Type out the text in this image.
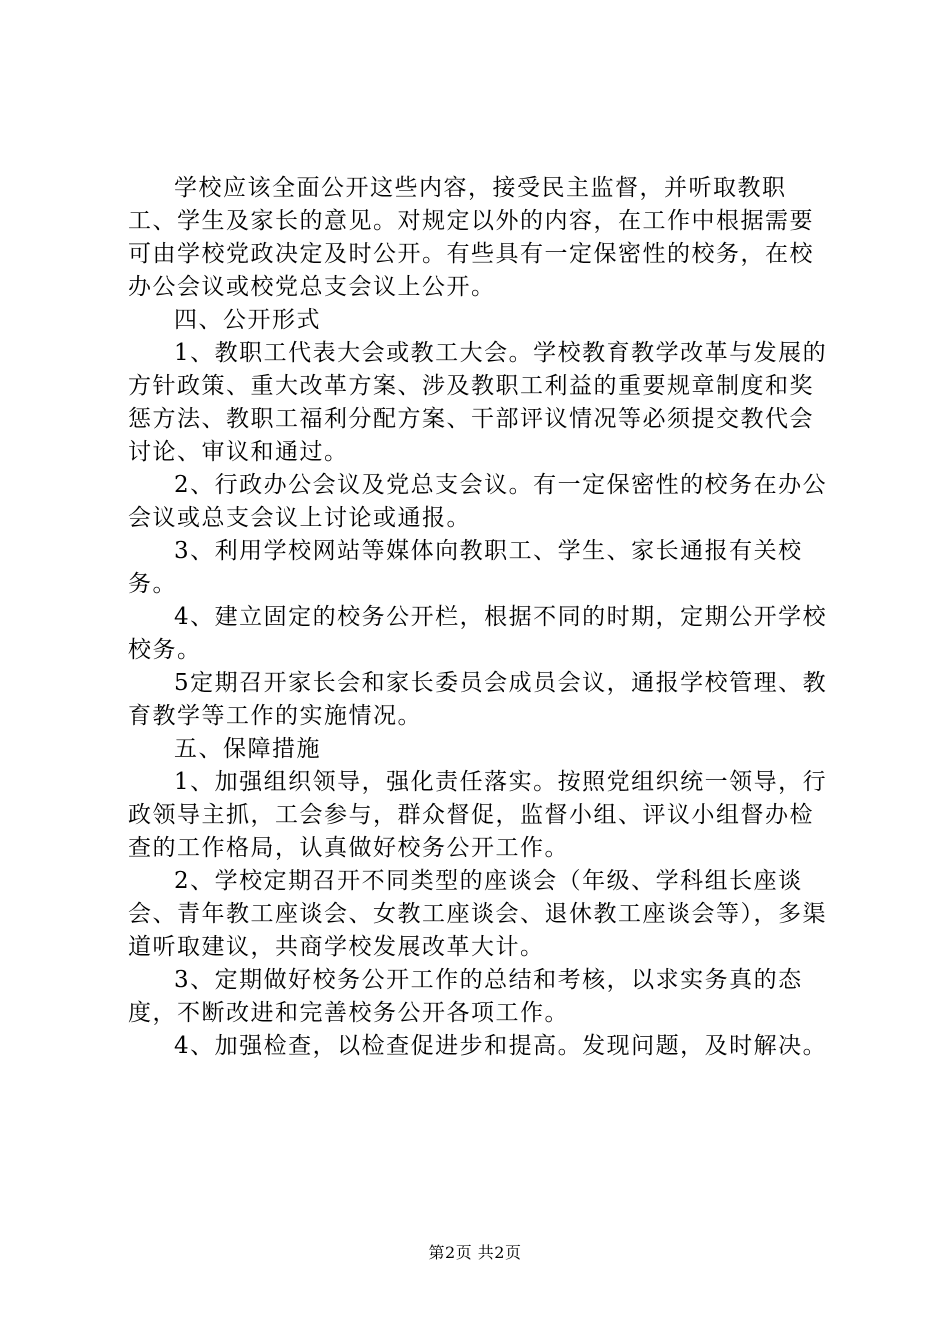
学校应该全面公开这些内容，接受民主监督，并听取教职工、学生及家长的意见。对规定以外的内容，在工作中根据需要可由学校党政决定及时公开。有些具有一定保密性的校务，在校办公会议或校党总支会议上公开。

四、公开形式

1、教职工代表大会或教工大会。学校教育教学改革与发展的方针政策、重大改革方案、涉及教职工利益的重要规章制度和奖惩方法、教职工福利分配方案、干部评议情况等必须提交教代会讨论、审议和通过。

2、行政办公会议及党总支会议。有一定保密性的校务在办公会议或总支会议上讨论或通报。

3、利用学校网站等媒体向教职工、学生、家长通报有关校务。

4、建立固定的校务公开栏，根据不同的时期，定期公开学校校务。

5定期召开家长会和家长委员会成员会议，通报学校管理、教育教学等工作的实施情况。

五、保障措施

1、加强组织领导，强化责任落实。按照党组织统一领导，行政领导主抓，工会参与，群众督促，监督小组、评议小组督办检查的工作格局，认真做好校务公开工作。

2、学校定期召开不同类型的座谈会（年级、学科组长座谈会、青年教工座谈会、女教工座谈会、退休教工座谈会等），多渠道听取建议，共商学校发展改革大计。

3、定期做好校务公开工作的总结和考核，以求实务真的态度，不断改进和完善校务公开各项工作。

4、加强检查，以检查促进步和提高。发现问题，及时解决。

第2页 共2页
